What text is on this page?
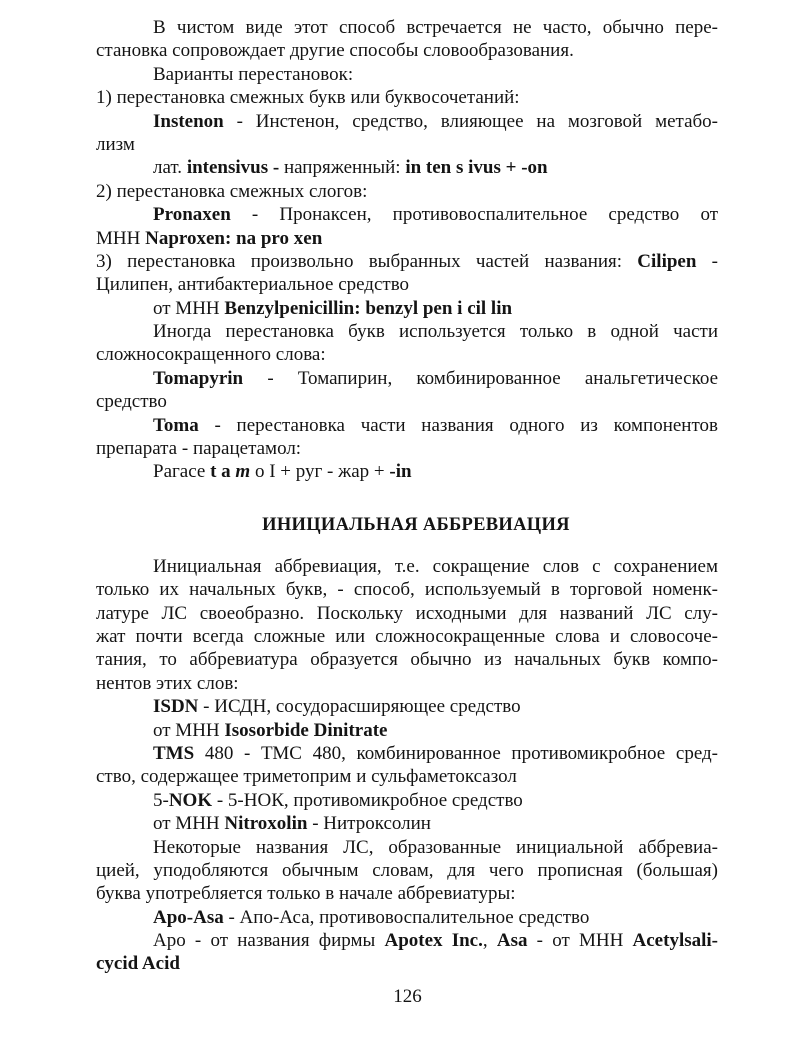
В чистом виде этот способ встречается не часто, обычно пере-
становка сопровождает другие способы словообразования.
Варианты перестановок:
1) перестановка смежных букв или буквосочетаний:
Instenon - Инстенон, средство, влияющее на мозговой метабо-
лизм
лат. intensivus - напряженный: in ten s ivus + -on
2) перестановка смежных слогов:
Pronaxen - Пронаксен, противовоспалительное средство от
МНН Naproxen: na pro xen
3) перестановка произвольно выбранных частей названия: Cilipen -
Цилипен, антибактериальное средство
от МНН Benzylpenicillin: benzyl pen i cil lin
Иногда перестановка букв используется только в одной части
сложносокращенного слова:
Tomapyrin - Томапирин, комбинированное анальгетическое
средство
Toma - перестановка части названия одного из компонентов
препарата - парацетамол:
Рагасе t a m о I + руг - жар + -in
ИНИЦИАЛЬНАЯ АББРЕВИАЦИЯ
Инициальная аббревиация, т.е. сокращение слов с сохранением
только их начальных букв, - способ, используемый в торговой номенк-
латуре ЛС своеобразно. Поскольку исходными для названий ЛС слу-
жат почти всегда сложные или сложносокращенные слова и словосоче-
тания, то аббревиатура образуется обычно из начальных букв компо-
нентов этих слов:
ISDN - ИСДН, сосудорасширяющее средство
от МНН Isosorbide Dinitrate
TMS 480 - ТМС 480, комбинированное противомикробное сред-
ство, содержащее триметоприм и сульфаметоксазол
5-NOK - 5-НОК, противомикробное средство
от МНН Nitroxolin - Нитроксолин
Некоторые названия ЛС, образованные инициальной аббревиа-
цией, уподобляются обычным словам, для чего прописная (большая)
буква употребляется только в начале аббревиатуры:
Apo-Asa - Апо-Аса, противовоспалительное средство
Аро - от названия фирмы Apotex Inc., Asa - от МНН Acetylsali-
cycid Acid
126
